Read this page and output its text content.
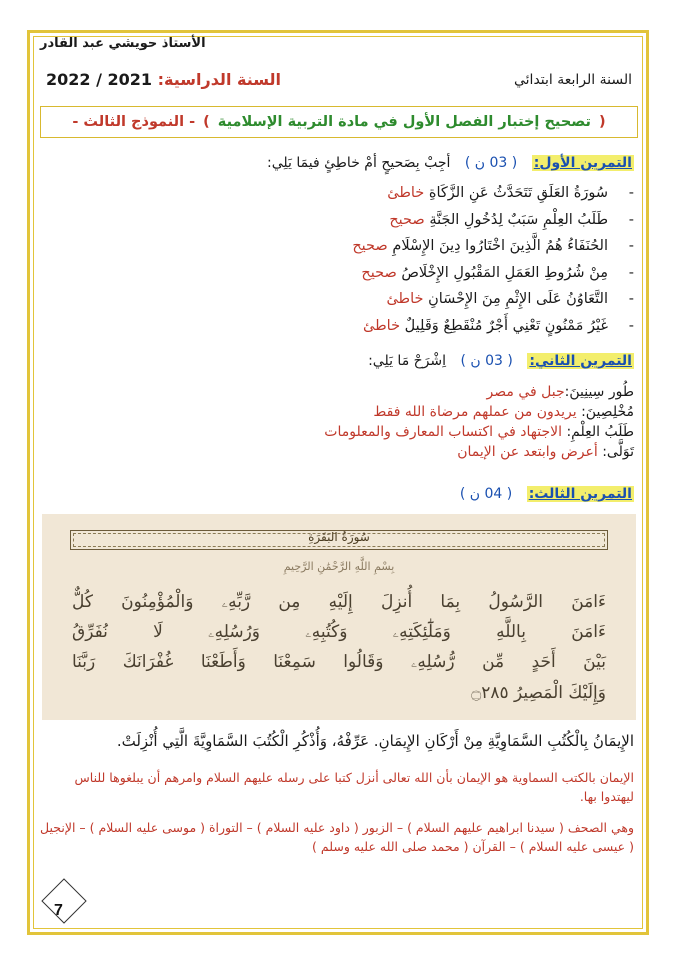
الأستاذ حويشي عبد القادر
السنة الرابعة ابتدائي
السنة الدراسية: 2021 / 2022
(
تصحيح إختبار الفصل الأول في مادة التربية الإسلامية
)
- النموذج الثالث -
التمرين الأول: ( 03 ن ) أجِبْ بِصَحيحٍ أمْ خاطِئٍ فيمَا يَلِي:
-سُورَةُ العَلَقِ تَتَحَدَّثُ عَنِ الزَّكَاةِ خاطئ
-طَلَبُ العِلْمِ سَبَبٌ لِدُخُولِ الجَنَّةِ صحيح
-الحُنَفَاءُ هُمُ الَّذِينَ اخْتَارُوا دِينَ الإِسْلَامِ صحيح
-مِنْ شُرُوطِ العَمَلِ المَقْبُولِ الإِخْلَاصُ صحيح
-التَّعَاوُنُ عَلَى الإِثْمِ مِنَ الإِحْسَانِ خاطئ
-غَيْرُ مَمْنُونٍ تَعْنِي أَجْرٌ مُنْقَطِعٌ وَقَلِيلٌ خاطئ
التمرين الثاني: ( 03 ن ) اِشْرَحْ مَا يَلِي:
طُور سِينِينَ:جبل في مصر
مُخْلِصِينَ: يريدون من عملهم مرضاة الله فقط
طَلَبُ العِلْمِ: الاجتهاد في اكتساب المعارف والمعلومات
تَوَلَّى: أعرض وابتعد عن الإيمان
التمرين الثالث: ( 04 ن )
سُورَةُ البَقَرَةِ
بِسْمِ اللَّهِ الرَّحْمَٰنِ الرَّحِيمِ
ءَامَنَ الرَّسُولُ بِمَا أُنزِلَ إِلَيْهِ مِن رَّبِّهِۦ وَالْمُؤْمِنُونَ كُلٌّ
ءَامَنَ بِاللَّهِ وَمَلَٰٓئِكَتِهِۦ وَكُتُبِهِۦ وَرُسُلِهِۦ لَا نُفَرِّقُ
بَيْنَ أَحَدٍ مِّن رُّسُلِهِۦ وَقَالُوا سَمِعْنَا وَأَطَعْنَا غُفْرَانَكَ رَبَّنَا
وَإِلَيْكَ الْمَصِيرُ ۝٢٨٥
الإِيمَانُ بِالْكُتُبِ السَّمَاوِيَّةِ مِنْ أَرْكَانِ الإِيمَانِ. عَرِّفْهُ، وَأُذْكُرِ الْكُتُبَ السَّمَاوِيَّةَ الَّتِي أُنْزِلَتْ.
الإيمان بالكتب السماوية هو الإيمان بأن الله تعالى أنزل كتبا على رسله عليهم السلام وامرهم أن يبلغوها للناس ليهتدوا بها.
وهي الصحف ( سيدنا ابراهيم عليهم السلام ) – الزبور ( داود عليه السلام ) – التوراة ( موسى عليه السلام ) – الإنجيل ( عيسى عليه السلام ) – القرآن ( محمد صلى الله عليه وسلم )
7
